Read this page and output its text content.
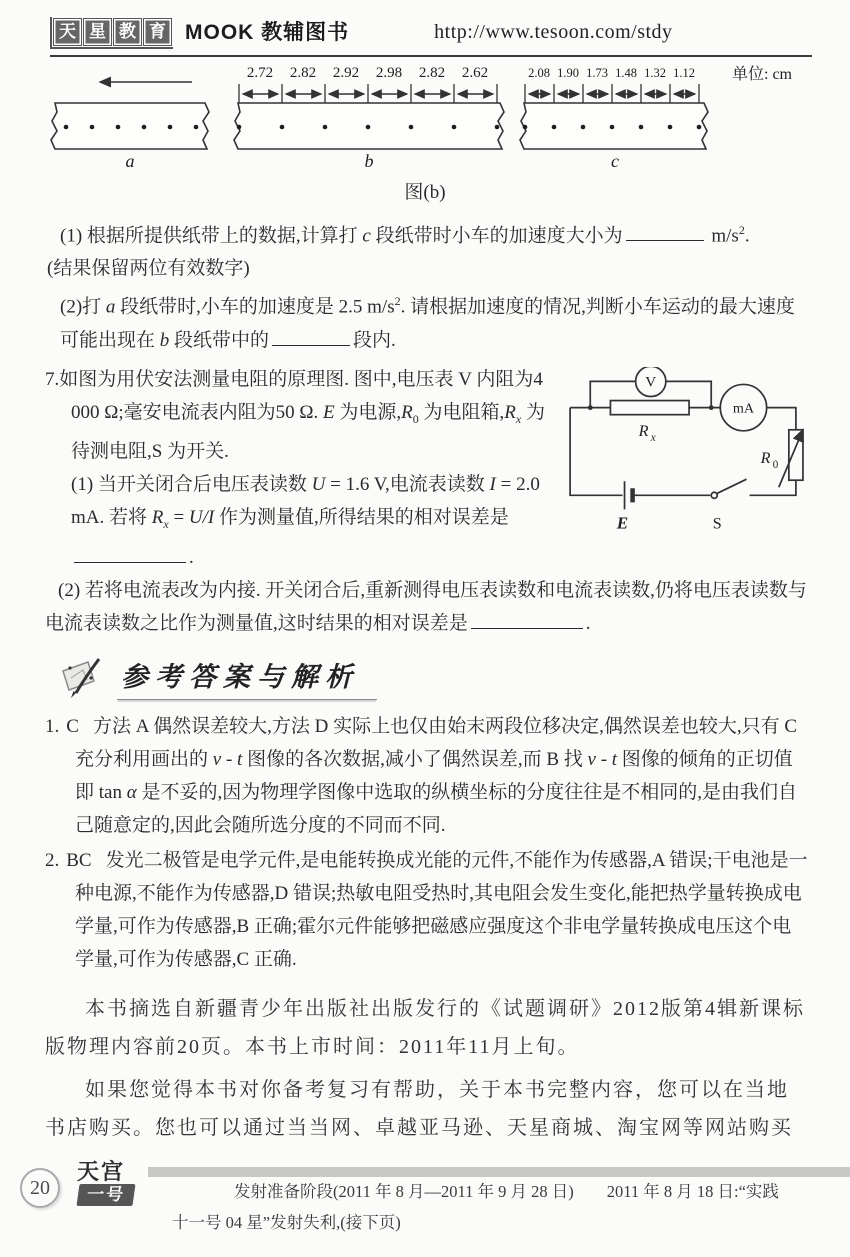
天 星 教 育 MOOK 教辅图书	http://www.tesoon.com/stdy
a
2.72 2.82 2.92 2.98 2.82 2.62
b
2.08 1.90 1.73 1.48 1.32 1.12
c
单位: cm
图(b)

(1) 根据所提供纸带上的数据,计算打 c 段纸带时小车的加速度大小为	$m/s^2$.

(结果保留两位有效数字)

(2)打 a 段纸带时,小车的加速度是 2.5 $m/s^2$. 请根据加速度的情况,判断小车运动的最大速度可能出现在 b 段纸带中的	段内.

V
mA
R x
R 0
E	S

7.如图为用伏安法测量电阻的原理图. 图中,电压表 V 内阻为4 000 Ω;毫安电流表内阻为50 Ω. E 为电源$,R_0$ 为电阻箱$,R_x$ 为待测电阻,S 为开关.

(1) 当开关闭合后电压表读数 U = 1.6 V,电流表读数 I = 2.0 mA. 若将 $R_x = U/I$ 作为测量值,所得结果的相对误差是.

(2) 若将电流表改为内接. 开关闭合后,重新测得电压表读数和电流表读数,仍将电压表读数与电流表读数之比作为测量值,这时结果的相对误差是	.

参考答案与解析
1. C 方法 A 偶然误差较大,方法 D 实际上也仅由始末两段位移决定,偶然误差也较大,只有 C 充分利用画出的 v - t 图像的各次数据,减小了偶然误差,而 B 找 v - t 图像的倾角的正切值即 tan α 是不妥的,因为物理学图像中选取的纵横坐标的分度往往是不相同的,是由我们自己随意定的,因此会随所选分度的不同而不同.
2. BC 发光二极管是电学元件,是电能转换成光能的元件,不能作为传感器,A 错误;干电池是一种电源,不能作为传感器,D 错误;热敏电阻受热时,其电阻会发生变化,能把热学量转换成电学量,可作为传感器,B 正确;霍尔元件能够把磁感应强度这个非电学量转换成电压这个电学量,可作为传感器,C 正确.

本书摘选自新疆青少年出版社出版发行的《试题调研》2012版第4辑新课标版物理内容前20页。本书上市时间：2011年11月上旬。

如果您觉得本书对你备考复习有帮助，关于本书完整内容，您可以在当地书店购买。您也可以通过当当网、卓越亚马逊、天星商城、淘宝网等网站购买

20
天宫
一号	发射准备阶段(2011 年 8 月—2011 年 9 月 28 日)　　2011 年 8 月 18 日:“实践
十一号 04 星”发射失利,(接下页)
